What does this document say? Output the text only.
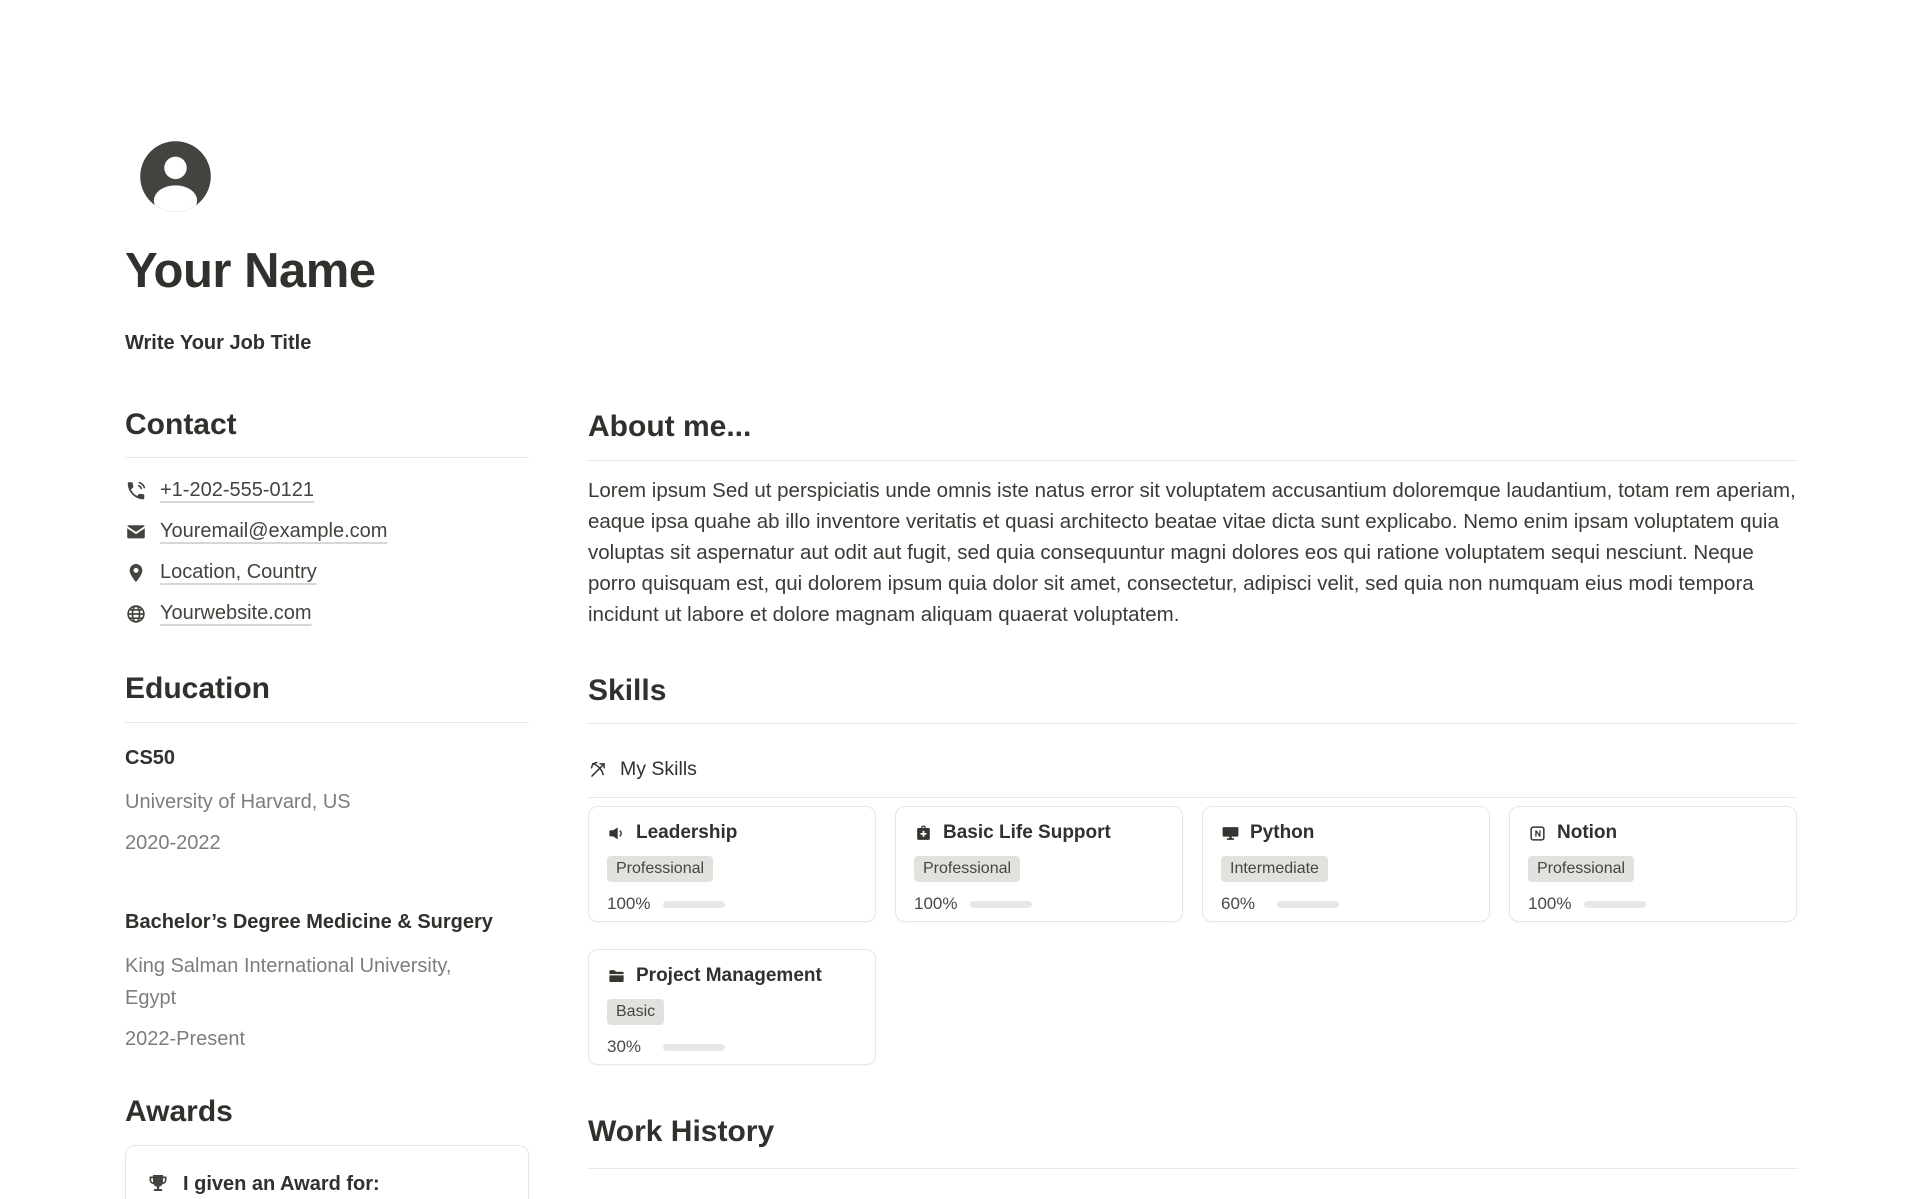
Your Name
Write Your Job Title
Contact
+1-202-555-0121
Youremail@example.com
Location, Country
Yourwebsite.com
Education
CS50
University of Harvard, US
2020-2022
Bachelor’s Degree Medicine & Surgery
King Salman International University, Egypt
2022-Present
Awards
I given an Award for:
About me...
Lorem ipsum Sed ut perspiciatis unde omnis iste natus error sit voluptatem accusantium doloremque laudantium, totam rem aperiam, eaque ipsa quahe ab illo inventore veritatis et quasi architecto beatae vitae dicta sunt explicabo. Nemo enim ipsam voluptatem quia voluptas sit aspernatur aut odit aut fugit, sed quia consequuntur magni dolores eos qui ratione voluptatem sequi nesciunt. Neque porro quisquam est, qui dolorem ipsum quia dolor sit amet, consectetur, adipisci velit, sed quia non numquam eius modi tempora incidunt ut labore et dolore magnam aliquam quaerat voluptatem.
Skills
My Skills
Leadership
Professional
100%
Basic Life Support
Professional
100%
Python
Intermediate
60%
Notion
Professional
100%
Project Management
Basic
30%
Work History
